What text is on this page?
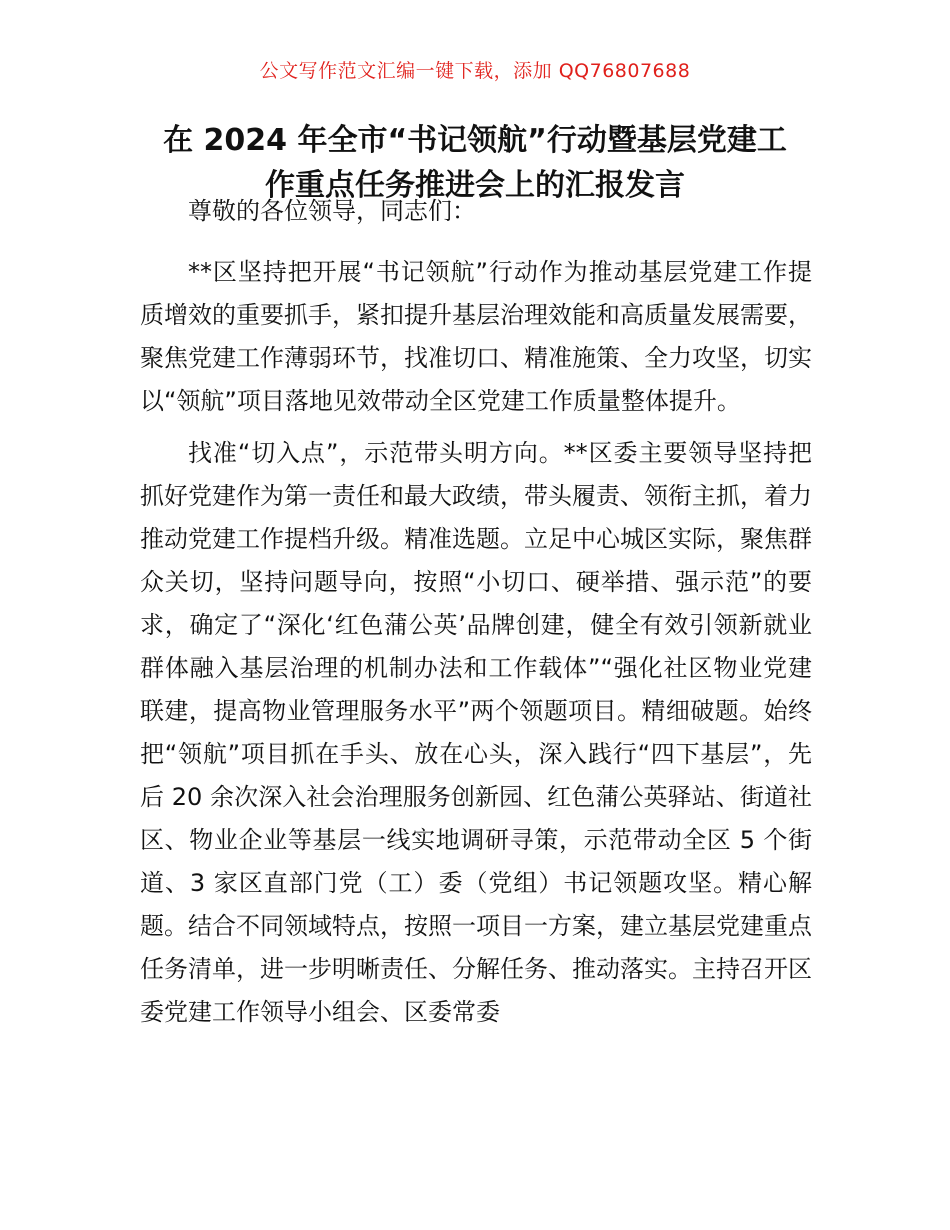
公文写作范文汇编一键下载，添加 QQ76807688
在 2024 年全市“书记领航”行动暨基层党建工
作重点任务推进会上的汇报发言

尊敬的各位领导，同志们：

**区坚持把开展“书记领航”行动作为推动基层党建工作提质增效的重要抓手，紧扣提升基层治理效能和高质量发展需要，聚焦党建工作薄弱环节，找准切口、精准施策、全力攻坚，切实以“领航”项目落地见效带动全区党建工作质量整体提升。

找准“切入点”，示范带头明方向。**区委主要领导坚持把抓好党建作为第一责任和最大政绩，带头履责、领衔主抓，着力推动党建工作提档升级。精准选题。立足中心城区实际，聚焦群众关切，坚持问题导向，按照“小切口、硬举措、强示范”的要求，确定了“深化‘红色蒲公英’品牌创建，健全有效引领新就业群体融入基层治理的机制办法和工作载体”“强化社区物业党建联建，提高物业管理服务水平”两个领题项目。精细破题。始终把“领航”项目抓在手头、放在心头，深入践行“四下基层”，先后 20 余次深入社会治理服务创新园、红色蒲公英驿站、街道社区、物业企业等基层一线实地调研寻策，示范带动全区 5 个街道、3 家区直部门党（工）委（党组）书记领题攻坚。精心解题。结合不同领域特点，按照一项目一方案，建立基层党建重点任务清单，进一步明晰责任、分解任务、推动落实。主持召开区委党建工作领导小组会、区委常委
